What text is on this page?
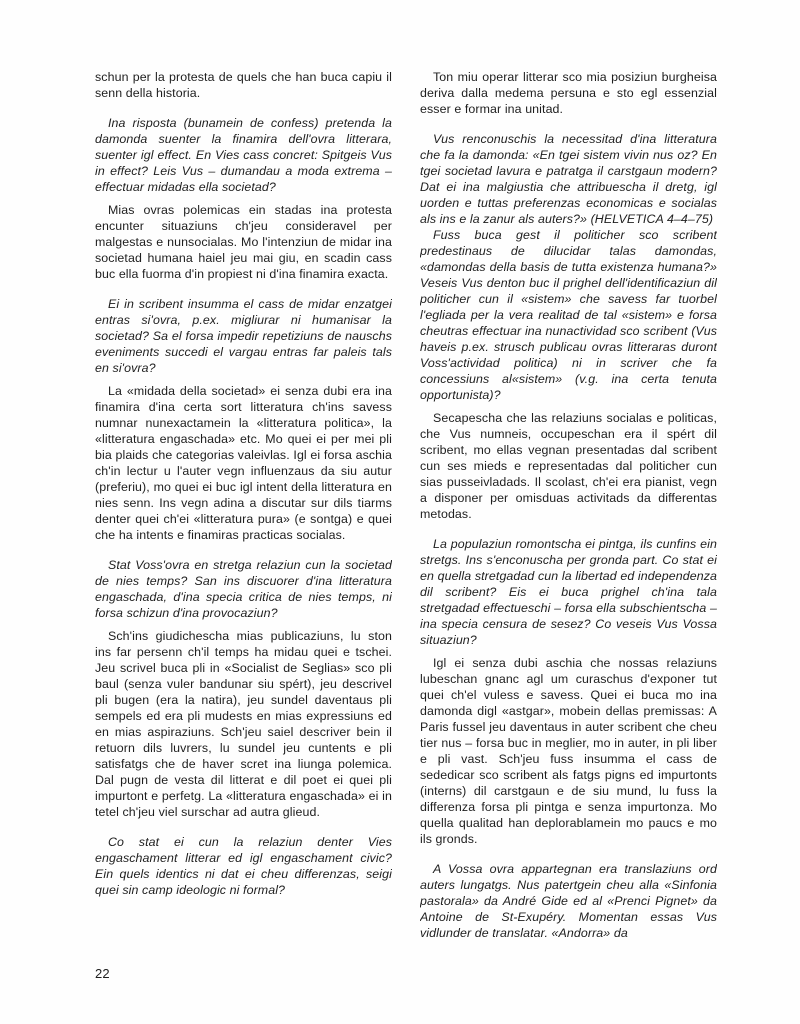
schun per la protesta de quels che han buca capiu il senn della historia.

Ina risposta (bunamein de confess) pretenda la damonda suenter la finamira dell'ovra litterara, suenter igl effect. En Vies cass concret: Spitgeis Vus in effect? Leis Vus – dumandau a moda extrema – effectuar midadas ella societad?

Mias ovras polemicas ein stadas ina protesta encunter situaziuns ch'jeu consideravel per malgestas e nunsocialas. Mo l'intenziun de midar ina societad humana haiel jeu mai giu, en scadin cass buc ella fuorma d'in propiest ni d'ina finamira exacta.

Ei in scribent insumma el cass de midar enzatgei entras si'ovra, p.ex. migliurar ni humanisar la societad? Sa el forsa impedir repetiziuns de nauschs eveniments succedi el vargau entras far paleis tals en si'ovra?

La «midada della societad» ei senza dubi era ina finamira d'ina certa sort litteratura ch'ins savess numnar nunexactamein la «litteratura politica», la «litteratura engaschada» etc. Mo quei ei per mei pli bia plaids che categorias valeivlas. Igl ei forsa aschia ch'in lectur u l'auter vegn influenzaus da siu autur (preferiu), mo quei ei buc igl intent della litteratura en nies senn. Ins vegn adina a discutar sur dils tiarms denter quei ch'ei «litteratura pura» (e sontga) e quei che ha intents e finamiras practicas socialas.

Stat Voss'ovra en stretga relaziun cun la societad de nies temps? San ins discuorer d'ina litteratura engaschada, d'ina specia critica de nies temps, ni forsa schizun d'ina provocaziun?

Sch'ins giudichescha mias publicaziuns, lu ston ins far persenn ch'il temps ha midau quei e tschei. Jeu scrivel buca pli in «Socialist de Seglias» sco pli baul (senza vuler bandunar siu spért), jeu descrivel pli bugen (era la natira), jeu sundel daventaus pli sempels ed era pli mudests en mias expressiuns ed en mias aspiraziuns. Sch'jeu saiel descriver bein il retuorn dils luvrers, lu sundel jeu cuntents e pli satisfatgs che de haver scret ina liunga polemica. Dal pugn de vesta dil litterat e dil poet ei quei pli impurtont e perfetg. La «litteratura engaschada» ei in tetel ch'jeu viel surschar ad autra glieud.

Co stat ei cun la relaziun denter Vies engaschament litterar ed igl engaschament civic? Ein quels identics ni dat ei cheu differenzas, seigi quei sin camp ideologic ni formal?

Ton miu operar litterar sco mia posiziun burgheisa deriva dalla medema persuna e sto egl essenzial esser e formar ina unitad.

Vus renconuschis la necessitad d'ina litteratura che fa la damonda: «En tgei sistem vivin nus oz? En tgei societad lavura e patratga il carstgaun modern? Dat ei ina malgiustia che attribuescha il dretg, igl uorden e tuttas preferenzas economicas e socialas als ins e la zanur als auters?» (HELVETICA 4–4–75)

Fuss buca gest il politicher sco scribent predestinaus de dilucidar talas damondas, «damondas della basis de tutta existenza humana?» Veseis Vus denton buc il prighel dell'identificaziun dil politicher cun il «sistem» che savess far tuorbel l'egliada per la vera realitad de tal «sistem» e forsa cheutras effectuar ina nunactividad sco scribent (Vus haveis p.ex. strusch publicau ovras litteraras duront Voss'actividad politica) ni in scriver che fa concessiuns al«sistem» (v.g. ina certa tenuta opportunista)?

Secapescha che las relaziuns socialas e politicas, che Vus numneis, occupeschan era il spért dil scribent, mo ellas vegnan presentadas dal scribent cun ses mieds e representadas dal politicher cun sias pusseivladads. Il scolast, ch'ei era pianist, vegn a disponer per omisduas activitads da differentas metodas.

La populaziun romontscha ei pintga, ils cunfins ein stretgs. Ins s'enconuscha per gronda part. Co stat ei en quella stretgadad cun la libertad ed independenza dil scribent? Eis ei buca prighel ch'ina tala stretgadad effectueschi – forsa ella subschientscha – ina specia censura de sesez? Co veseis Vus Vossa situaziun?

Igl ei senza dubi aschia che nossas relaziuns lubeschan gnanc agl um curaschus d'exponer tut quei ch'el vuless e savess. Quei ei buca mo ina damonda digl «astgar», mobein dellas premissas: A Paris fussel jeu daventaus in auter scribent che cheu tier nus – forsa buc in meglier, mo in auter, in pli liber e pli vast. Sch'jeu fuss insumma el cass de sededicar sco scribent als fatgs pigns ed impurtonts (interns) dil carstgaun e de siu mund, lu fuss la differenza forsa pli pintga e senza impurtonza. Mo quella qualitad han deplorablamein mo paucs e mo ils gronds.

A Vossa ovra appartegnan era translaziuns ord auters lungatgs. Nus patertgein cheu alla «Sinfonia pastorala» da André Gide ed al «Prenci Pignet» da Antoine de St-Exupéry. Momentan essas Vus vidlunder de translatar. «Andorra» da

22
